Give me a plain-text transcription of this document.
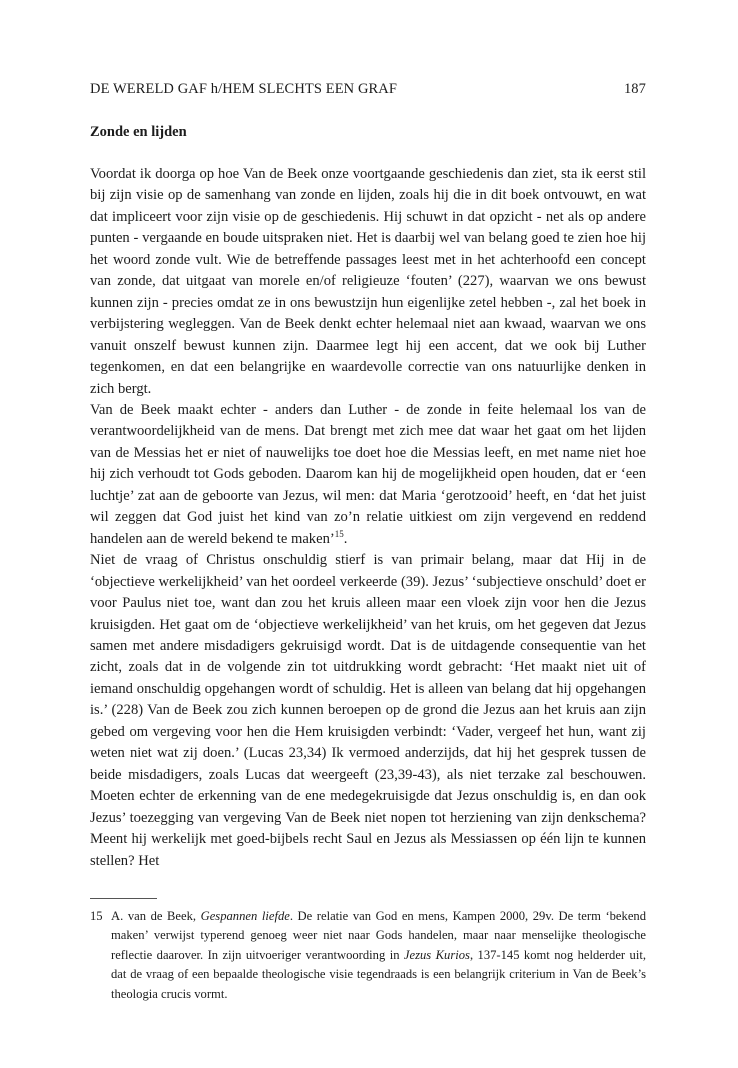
DE WERELD GAF h/HEM SLECHTS EEN GRAF	187
Zonde en lijden

Voordat ik doorga op hoe Van de Beek onze voortgaande geschiedenis dan ziet, sta ik eerst stil bij zijn visie op de samenhang van zonde en lijden, zoals hij die in dit boek ontvouwt, en wat dat impliceert voor zijn visie op de geschiedenis. Hij schuwt in dat opzicht - net als op andere punten - vergaande en boude uitspraken niet. Het is daarbij wel van belang goed te zien hoe hij het woord zonde vult. Wie de betreffende passages leest met in het achterhoofd een concept van zonde, dat uitgaat van morele en/of religieuze ‘fouten’ (227), waarvan we ons bewust kunnen zijn - precies omdat ze in ons bewustzijn hun eigenlijke zetel hebben -, zal het boek in verbijstering wegleggen. Van de Beek denkt echter helemaal niet aan kwaad, waarvan we ons vanuit onszelf bewust kunnen zijn. Daarmee legt hij een accent, dat we ook bij Luther tegenkomen, en dat een belangrijke en waardevolle correctie van ons natuurlijke denken in zich bergt.

Van de Beek maakt echter - anders dan Luther - de zonde in feite helemaal los van de verantwoordelijkheid van de mens. Dat brengt met zich mee dat waar het gaat om het lijden van de Messias het er niet of nauwelijks toe doet hoe die Messias leeft, en met name niet hoe hij zich verhoudt tot Gods geboden. Daarom kan hij de mogelijkheid open houden, dat er ‘een luchtje’ zat aan de geboorte van Jezus, wil men: dat Maria ‘gerotzooid’ heeft, en ‘dat het juist wil zeggen dat God juist het kind van zo’n relatie uitkiest om zijn vergevend en reddend handelen aan de wereld bekend te maken’$^{15}$.

Niet de vraag of Christus onschuldig stierf is van primair belang, maar dat Hij in de ‘objectieve werkelijkheid’ van het oordeel verkeerde (39). Jezus’ ‘subjectieve onschuld’ doet er voor Paulus niet toe, want dan zou het kruis alleen maar een vloek zijn voor hen die Jezus kruisigden. Het gaat om de ‘objectieve werkelijkheid’ van het kruis, om het gegeven dat Jezus samen met andere misdadigers gekruisigd wordt. Dat is de uitdagende consequentie van het zicht, zoals dat in de volgende zin tot uitdrukking wordt gebracht: ‘Het maakt niet uit of iemand onschuldig opgehangen wordt of schuldig. Het is alleen van belang dat hij opgehangen is.’ (228) Van de Beek zou zich kunnen beroepen op de grond die Jezus aan het kruis aan zijn gebed om vergeving voor hen die Hem kruisigden verbindt: ‘Vader, vergeef het hun, want zij weten niet wat zij doen.’ (Lucas 23,34) Ik vermoed anderzijds, dat hij het gesprek tussen de beide misdadigers, zoals Lucas dat weergeeft (23,39-43), als niet terzake zal beschouwen. Moeten echter de erkenning van de ene medegekruisigde dat Jezus onschuldig is, en dan ook Jezus’ toezegging van vergeving Van de Beek niet nopen tot herziening van zijn denkschema? Meent hij werkelijk met goed-bijbels recht Saul en Jezus als Messiassen op één lijn te kunnen stellen? Het

15 A. van de Beek, Gespannen liefde. De relatie van God en mens, Kampen 2000, 29v. De term ‘bekend maken’ verwijst typerend genoeg weer niet naar Gods handelen, maar naar menselijke theologische reflectie daarover. In zijn uitvoeriger verantwoording in Jezus Kurios, 137-145 komt nog helderder uit, dat de vraag of een bepaalde theologische visie tegendraads is een belangrijk criterium in Van de Beek’s theologia crucis vormt.
